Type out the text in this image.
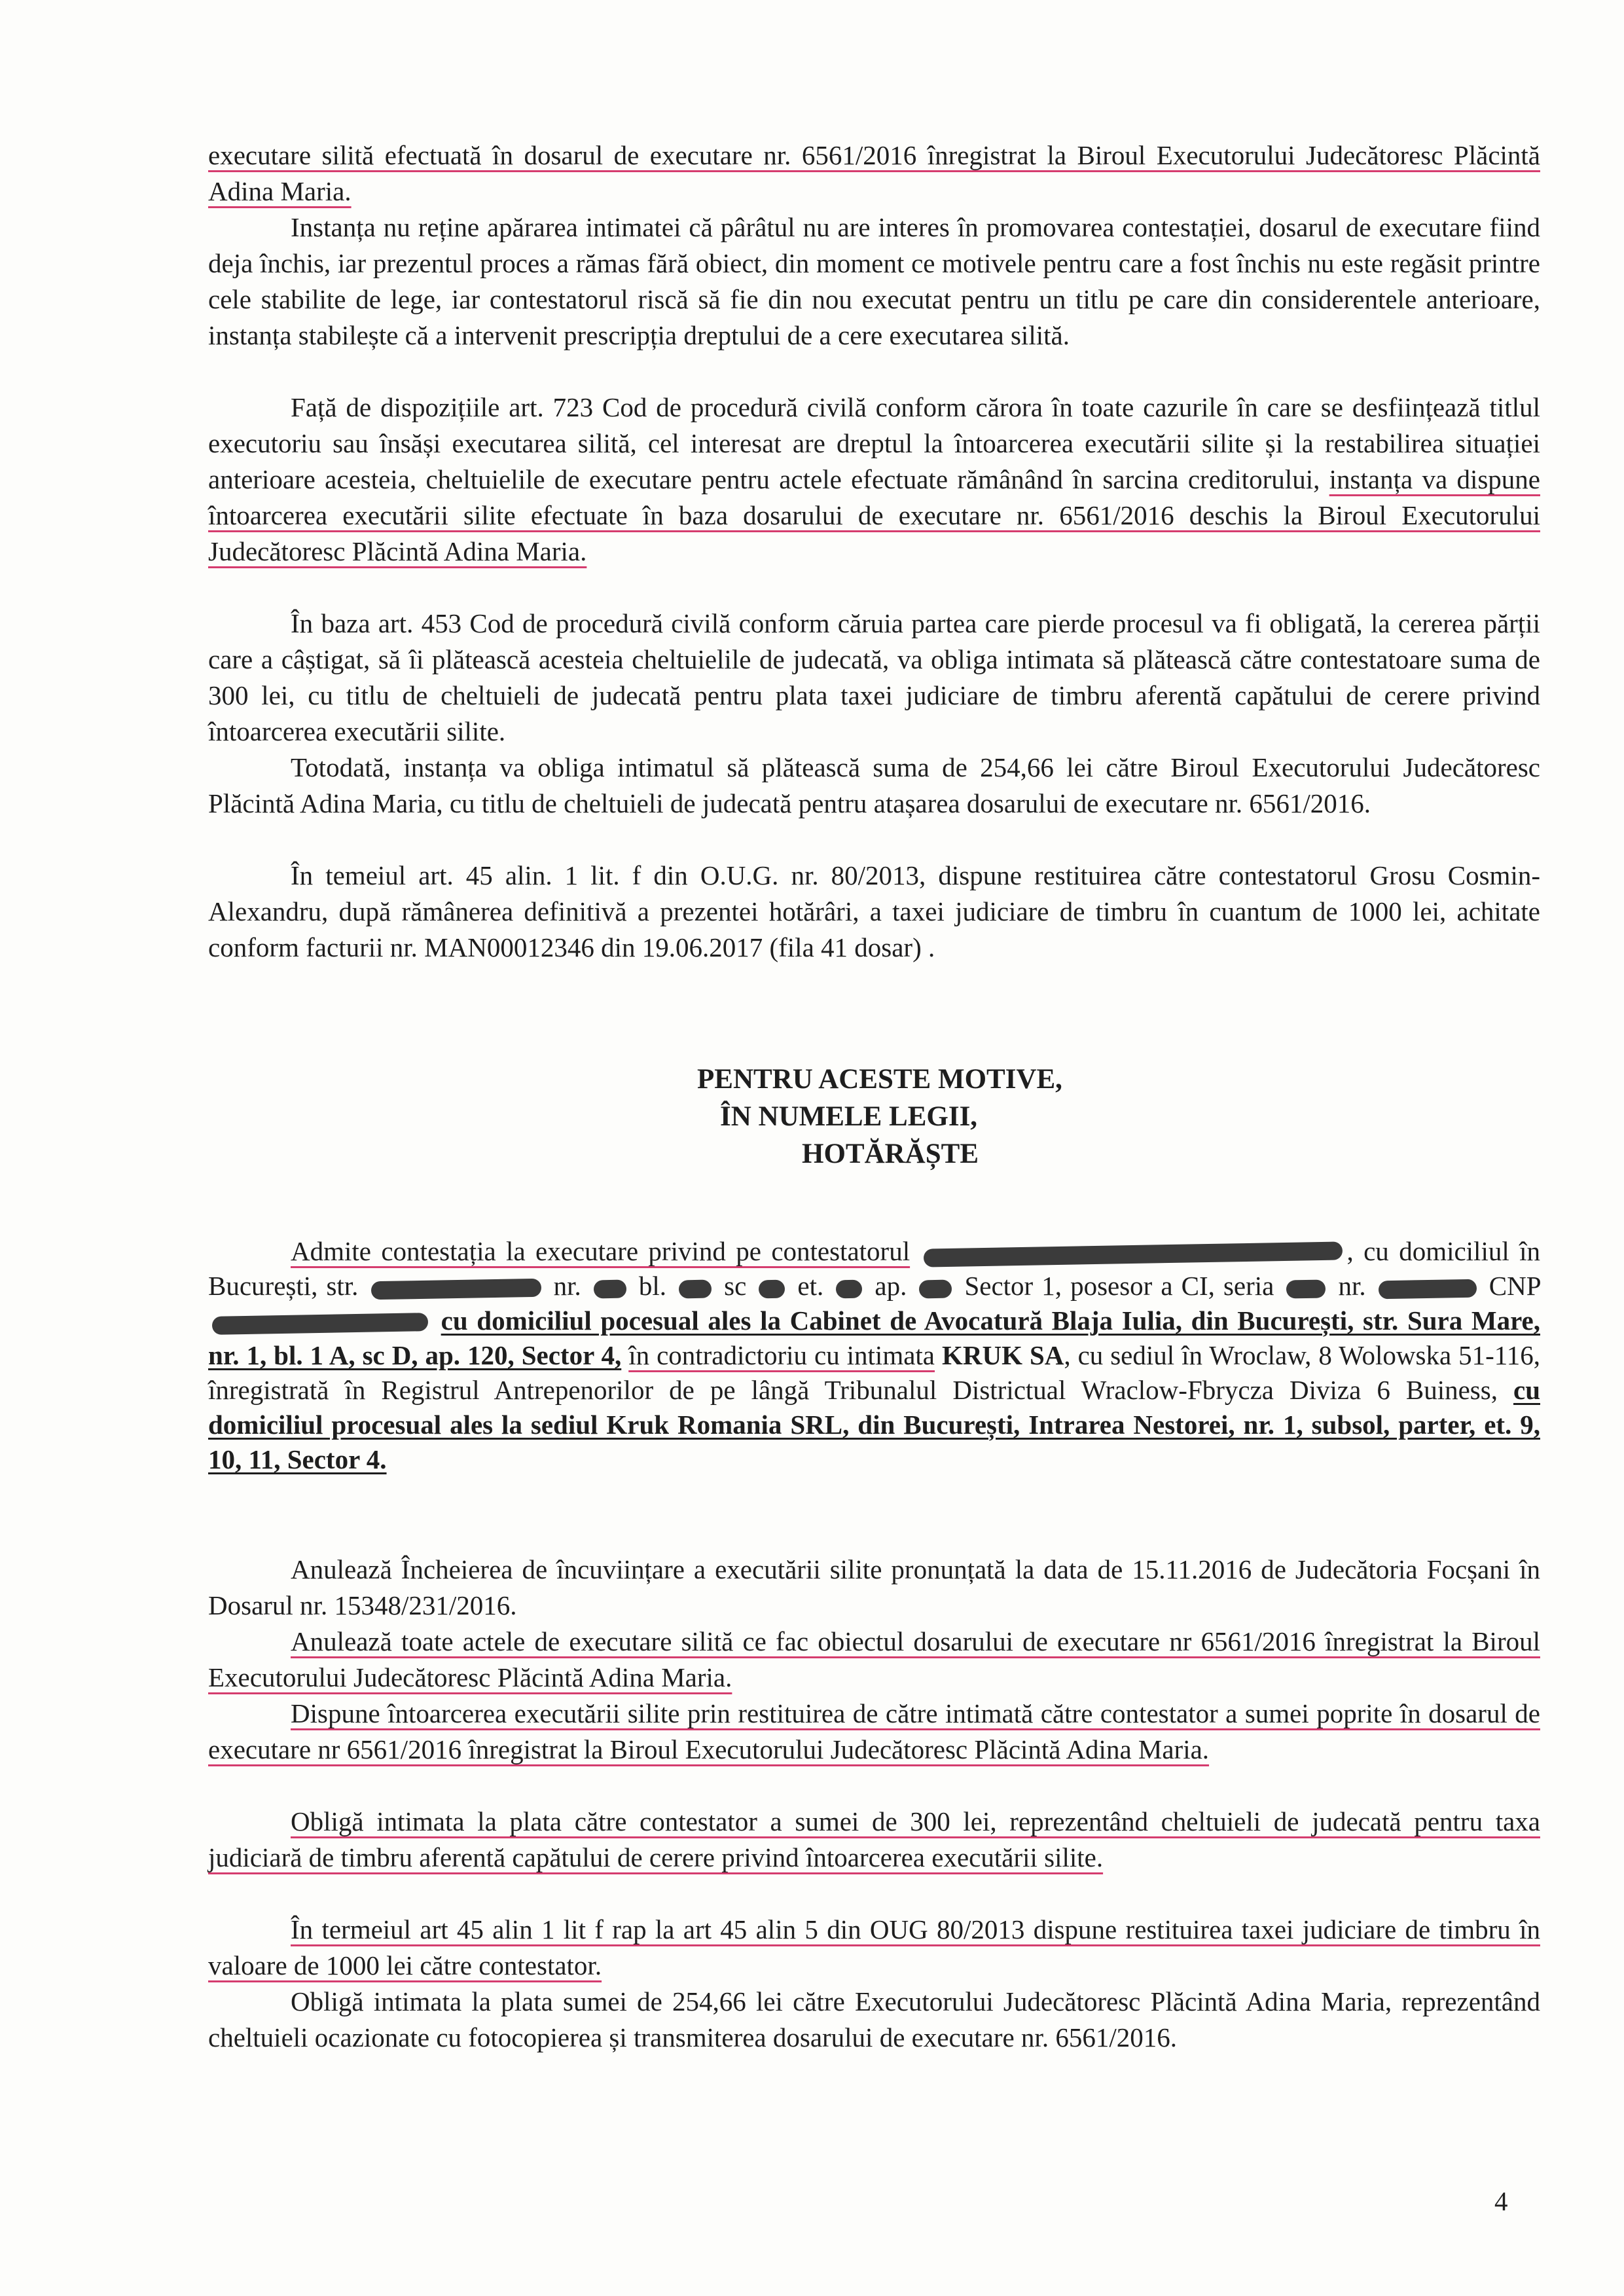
executare silită efectuată în dosarul de executare nr. 6561/2016 înregistrat la Biroul Executorului Judecătoresc Plăcintă Adina Maria.
Instanța nu reține apărarea intimatei că pârâtul nu are interes în promovarea contestației, dosarul de executare fiind deja închis, iar prezentul proces a rămas fără obiect, din moment ce motivele pentru care a fost închis nu este regăsit printre cele stabilite de lege, iar contestatorul riscă să fie din nou executat pentru un titlu pe care din considerentele anterioare, instanța stabilește că a intervenit prescripția dreptului de a cere executarea silită.
Față de dispozițiile art. 723 Cod de procedură civilă conform cărora în toate cazurile în care se desființează titlul executoriu sau însăși executarea silită, cel interesat are dreptul la întoarcerea executării silite și la restabilirea situației anterioare acesteia, cheltuielile de executare pentru actele efectuate rămânând în sarcina creditorului, instanța va dispune întoarcerea executării silite efectuate în baza dosarului de executare nr. 6561/2016 deschis la Biroul Executorului Judecătoresc Plăcintă Adina Maria.
În baza art. 453 Cod de procedură civilă conform căruia partea care pierde procesul va fi obligată, la cererea părții care a câștigat, să îi plătească acesteia cheltuielile de judecată, va obliga intimata să plătească către contestatoare suma de 300 lei, cu titlu de cheltuieli de judecată pentru plata taxei judiciare de timbru aferentă capătului de cerere privind întoarcerea executării silite.
Totodată, instanța va obliga intimatul să plătească suma de 254,66 lei către Biroul Executorului Judecătoresc Plăcintă Adina Maria, cu titlu de cheltuieli de judecată pentru atașarea dosarului de executare nr. 6561/2016.
În temeiul art. 45 alin. 1 lit. f din O.U.G. nr. 80/2013, dispune restituirea către contestatorul Grosu Cosmin-Alexandru, după rămânerea definitivă a prezentei hotărâri, a taxei judiciare de timbru în cuantum de 1000 lei, achitate conform facturii nr. MAN00012346 din 19.06.2017 (fila 41 dosar) .
PENTRU ACESTE MOTIVE,
ÎN NUMELE LEGII,
HOTĂRĂȘTE
Admite contestația la executare privind pe contestatorul	, cu domiciliul în București, str.	nr. bl. sc et. ap. Sector 1, posesor a CI, seria nr.	CNP  cu domiciliul pocesual ales la Cabinet de Avocatură Blaja Iulia, din București, str. Sura Mare, nr. 1, bl. 1 A, sc D, ap. 120, Sector 4, în contradictoriu cu intimata KRUK SA, cu sediul în Wroclaw, 8 Wolowska 51-116, înregistrată în Registrul Antrepenorilor de pe lângă Tribunalul Districtual Wraclow-Fbrycza Diviza 6 Buiness, cu domiciliul procesual ales la sediul Kruk Romania SRL, din București, Intrarea Nestorei, nr. 1, subsol, parter, et. 9, 10, 11, Sector 4.
Anulează Încheierea de încuviințare a executării silite pronunțată la data de 15.11.2016 de Judecătoria Focșani în Dosarul nr. 15348/231/2016.
Anulează toate actele de executare silită ce fac obiectul dosarului de executare nr 6561/2016 înregistrat la Biroul Executorului Judecătoresc Plăcintă Adina Maria.
Dispune întoarcerea executării silite prin restituirea de către intimată către contestator a sumei poprite în dosarul de executare nr 6561/2016 înregistrat la Biroul Executorului Judecătoresc Plăcintă Adina Maria.
Obligă intimata la plata către contestator a sumei de 300 lei, reprezentând cheltuieli de judecată pentru taxa judiciară de timbru aferentă capătului de cerere privind întoarcerea executării silite.
În termeiul art 45 alin 1 lit f rap la art 45 alin 5 din OUG 80/2013 dispune restituirea taxei judiciare de timbru în valoare de 1000 lei către contestator.
Obligă intimata la plata sumei de 254,66 lei către Executorului Judecătoresc Plăcintă Adina Maria, reprezentând cheltuieli ocazionate cu fotocopierea și transmiterea dosarului de executare nr. 6561/2016.
4
